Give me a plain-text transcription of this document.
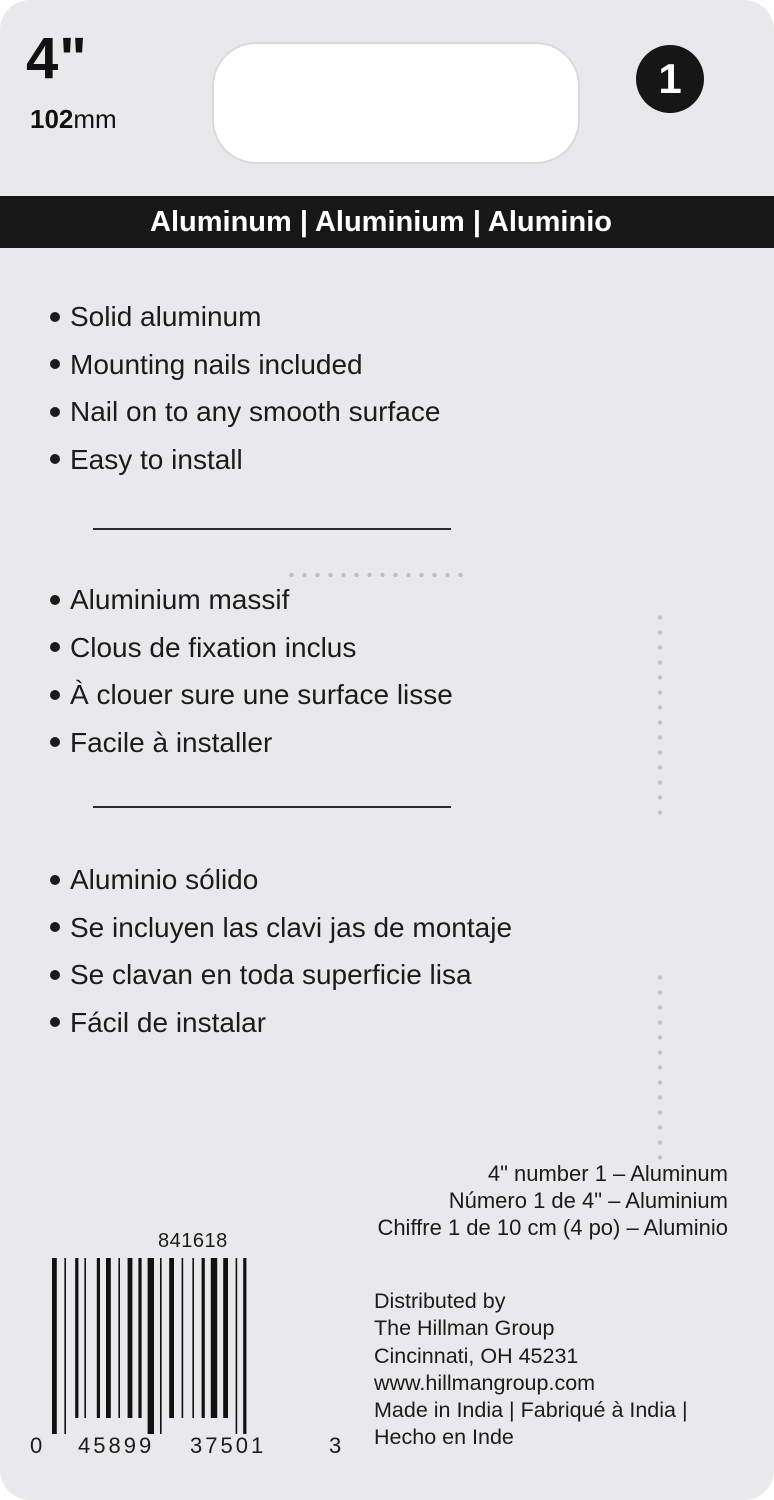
4"
102mm
1
Aluminum | Aluminium | Aluminio
Solid aluminum
Mounting nails included
Nail on to any smooth surface
Easy to install
Aluminium massif
Clous de fixation inclus
À clouer sure une surface lisse
Facile à installer
Aluminio sólido
Se incluyen las clavi jas de montaje
Se clavan en toda superficie lisa
Fácil de instalar
4" number 1 – Aluminum
Número 1 de 4" – Aluminium
Chiffre 1 de 10 cm (4 po) – Aluminio
841618
0 45899 37501	3
Distributed by
The Hillman Group
Cincinnati, OH 45231
www.hillmangroup.com
Made in India | Fabriqué à India |
Hecho en Inde
